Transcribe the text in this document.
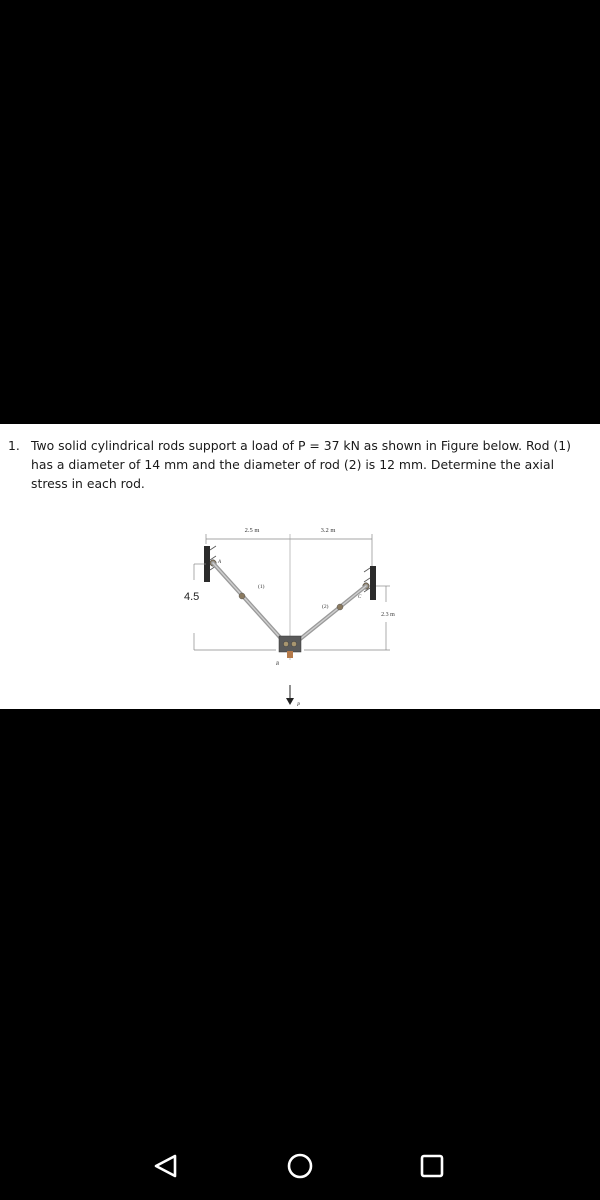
1. Two solid cylindrical rods support a load of P = 37 kN as shown in Figure below. Rod (1) has a diameter of 14 mm and the diameter of rod (2) is 12 mm. Determine the axial stress in each rod.
2.5 m	3.2 m
A
C
(1)
(2)
B
P
4.5
2.3 m
